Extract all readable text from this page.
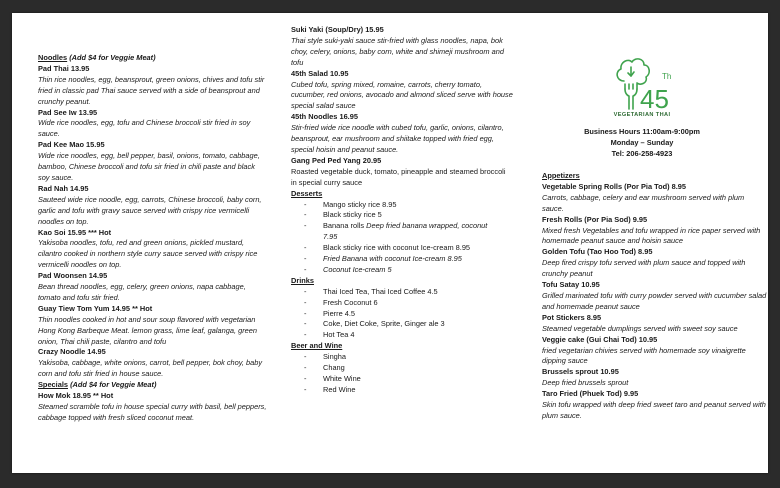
Noodles (Add $4 for Veggie Meat)
Pad Thai 13.95
Thin rice noodles, egg, beansprout, green onions, chives and tofu stir fried in classic pad Thai sauce served with a side of beansprout and crunchy peanut.
Pad See Iw 13.95
Wide rice noodles, egg, tofu and Chinese broccoli stir fried in soy sauce.
Pad Kee Mao 15.95
Wide rice noodles, egg, bell pepper, basil, onions, tomato, cabbage, bamboo, Chinese broccoli and tofu sir fried in chili paste and black soy sauce.
Rad Nah 14.95
Sauteed wide rice noodle, egg, carrots, Chinese broccoli, baby corn, garlic and tofu with gravy sauce served with crispy rice vermicelli noodles on top.
Kao Soi 15.95 *** Hot
Yakisoba noodles, tofu, red and green onions, pickled mustard, cilantro cooked in northern style curry sauce served with crispy rice vermicelli noodles on top.
Pad Woonsen 14.95
Bean thread noodles, egg, celery, green onions, napa cabbage, tomato and tofu stir fried.
Guay Tiew Tom Yum 14.95 ** Hot
Thin noodles cooked in hot and sour soup flavored with vegetarian Hong Kong Barbeque Meat. lemon grass, lime leaf, galanga, green onion, Thai chili paste, cilantro and tofu
Crazy Noodle 14.95
Yakisoba, cabbage, white onions, carrot, bell pepper, bok choy, baby corn and tofu stir fried in house sauce.
Specials (Add $4 for Veggie Meat)
How Mok 18.95 ** Hot
Steamed scramble tofu in house special curry with basil, bell peppers, cabbage topped with fresh sliced coconut meat.
Suki Yaki (Soup/Dry) 15.95
Thai style suki-yaki sauce stir-fried with glass noodles, napa, bok choy, celery, onions, baby corn, white and shimeji mushroom and tofu
45th Salad 10.95
Cubed tofu, spring mixed, romaine, carrots, cherry tomato, cucumber, red onions, avocado and almond sliced serve with house special salad sauce
45th Noodles 16.95
Stir-fried wide rice noodle with cubed tofu, garlic, onions, cilantro, beansprout, ear mushroom and shiitake topped with fried egg, special hoisin and peanut sauce.
Gang Ped Ped Yang 20.95
Roasted vegetable duck, tomato, pineapple and steamed broccoli in special curry sauce
Desserts
- Mango sticky rice 8.95
- Black sticky rice 5
- Banana rolls Deep fried banana wrapped, coconut
7.95
- Black sticky rice with coconut Ice-cream 8.95
- Fried Banana with coconut Ice-cream 8.95
- Coconut Ice-cream 5
Drinks
- Thai Iced Tea, Thai Iced Coffee 4.5
- Fresh Coconut 6
- Pierre 4.5
- Coke, Diet Coke, Sprite, Ginger ale 3
- Hot Tea 4
Beer and Wine
- Singha
- Chang
- White Wine
- Red Wine
45
Th
VEGETARIAN THAI
Business Hours 11:00am-9:00pm
Monday – Sunday
Tel: 206-258-4923
Appetizers
Vegetable Spring Rolls (Por Pia Tod) 8.95
Carrots, cabbage, celery and ear mushroom served with plum sauce.
Fresh Rolls (Por Pia Sod) 9.95
Mixed fresh Vegetables and tofu wrapped in rice paper served with homemade peanut sauce and hoisin sauce
Golden Tofu (Tao Hoo Tod) 8.95
Deep fired crispy tofu served with plum sauce and topped with crunchy peanut
Tofu Satay 10.95
Grilled marinated tofu with curry powder served with cucumber salad and homemade peanut sauce
Pot Stickers 8.95
Steamed vegetable dumplings served with sweet soy sauce
Veggie cake (Gui Chai Tod) 10.95
fried vegetarian chivies served with homemade soy vinaigrette dipping sauce
Brussels sprout 10.95
Deep fried brussels sprout
Taro Fried (Phuek Tod) 9.95
Skin tofu wrapped with deep fried sweet taro and peanut served with plum sauce.
